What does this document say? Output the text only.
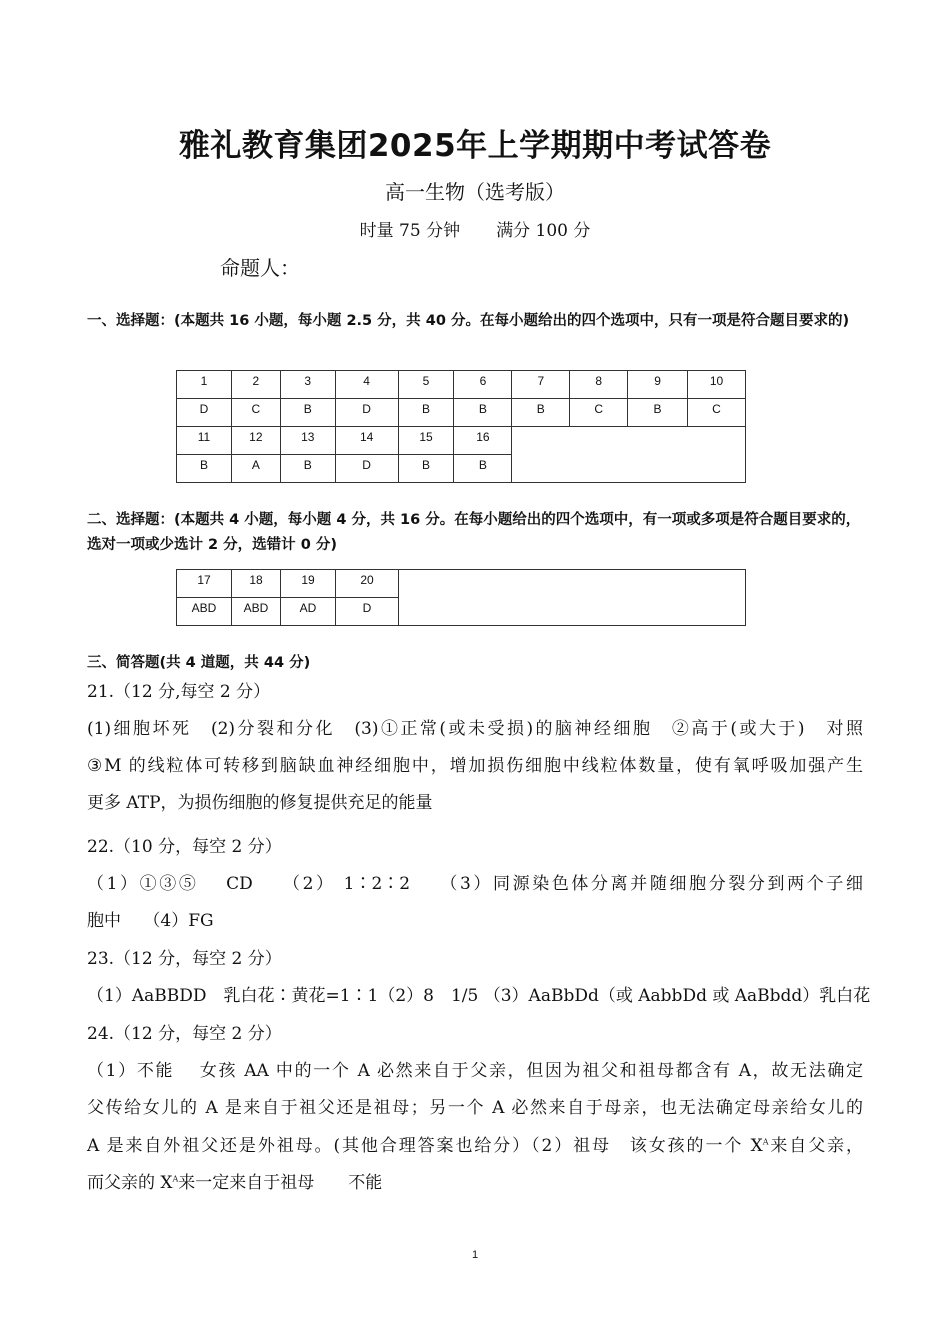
雅礼教育集团2025年上学期期中考试答卷
高一生物（选考版）
时量 75 分钟 满分 100 分
命题人：
一、选择题：(本题共 16 小题，每小题 2.5 分，共 40 分。在每小题给出的四个选项中，只有一项是符合题目要求的)
1	2	3	4	5	6	7	8	9	10
D	C	B	D	B	B	B	C	B	C
11	12	13	14	15	16				
B	A	B	D	B	B				
二、选择题：(本题共 4 小题，每小题 4 分，共 16 分。在每小题给出的四个选项中，有一项或多项是符合题目要求的，选对一项或少选计 2 分，选错计 0 分)
17	18	19	20	
ABD	ABD	AD	D	
三、简答题(共 4 道题，共 44 分)
21.（12 分,每空 2 分）
(1)细胞坏死　(2)分裂和分化　(3)①正常(或未受损)的脑神经细胞　②高于(或大于)　对照
③M 的线粒体可转移到脑缺血神经细胞中，增加损伤细胞中线粒体数量，使有氧呼吸加强产生
更多 ATP，为损伤细胞的修复提供充足的能量
22.（10 分，每空 2 分）
（1）①③⑤　 CD　 （2） 1∶2∶2　 （3）同源染色体分离并随细胞分裂分到两个子细
胞中　 （4）FG
23.（12 分，每空 2 分）
（1）AaBBDD　乳白花∶黄花=1∶1（2）8　1/5 （3）AaBbDd（或 AabbDd 或 AaBbdd）乳白花
24.（12 分，每空 2 分）
（1）不能　 女孩 AA 中的一个 A 必然来自于父亲，但因为祖父和祖母都含有 A，故无法确定
父传给女儿的 A 是来自于祖父还是祖母；另一个 A 必然来自于母亲，也无法确定母亲给女儿的
A 是来自外祖父还是外祖母。(其他合理答案也给分）（2）祖母　该女孩的一个 $X^A$来自父亲，
而父亲的 $X^A$来一定来自于祖母　　不能
1
